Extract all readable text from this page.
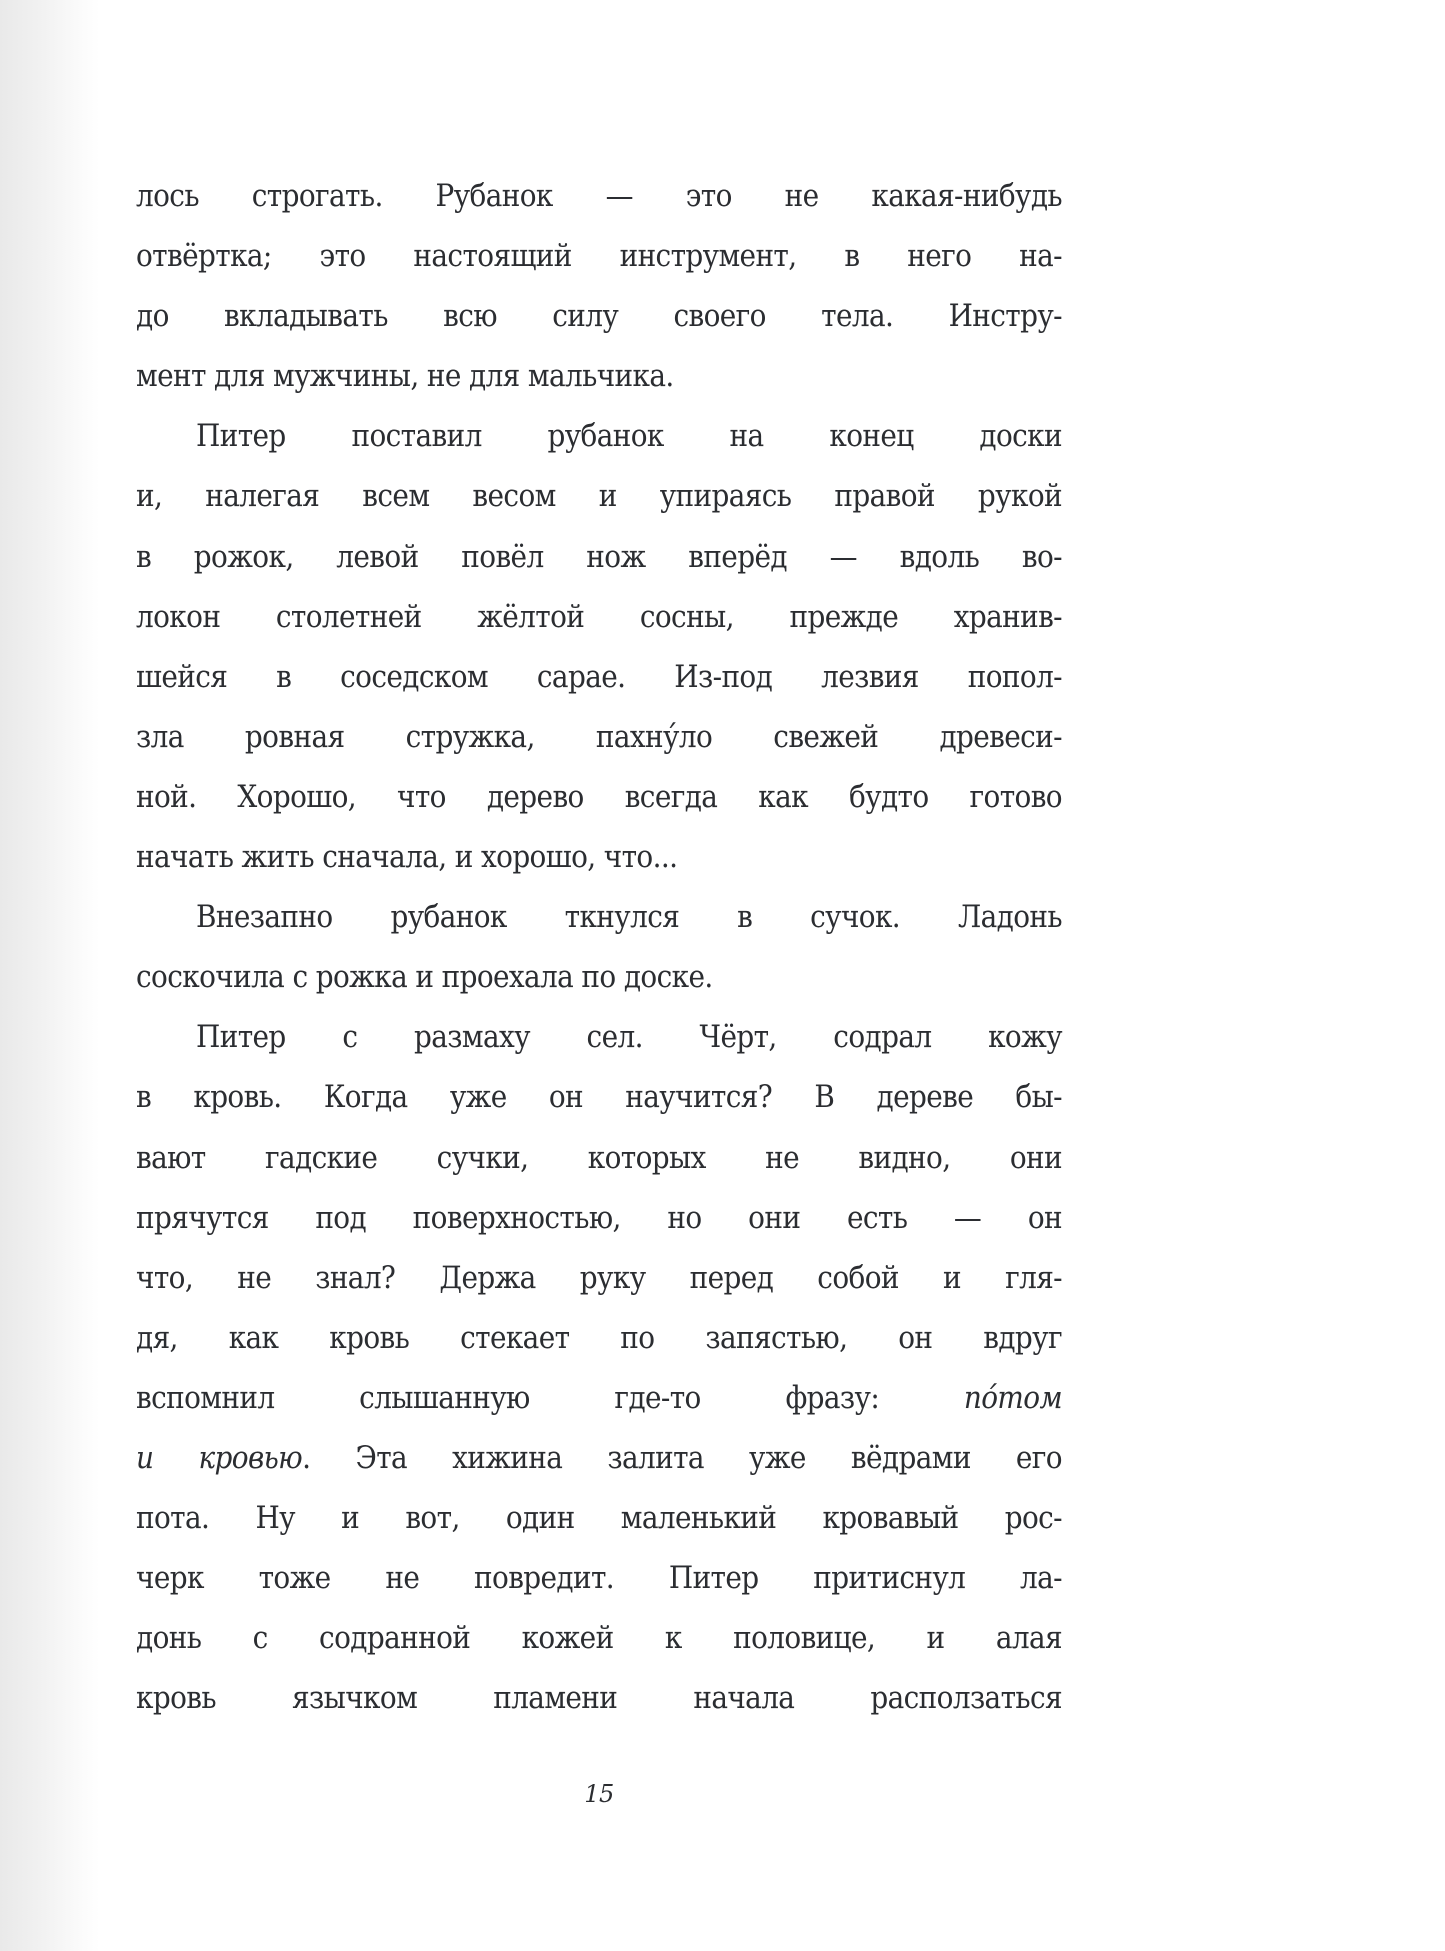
лось строгать. Рубанок — это не какая-нибудь
отвёртка; это настоящий инструмент, в него на-
до вкладывать всю силу своего тела. Инстру-
мент для мужчины, не для мальчика.
Питер поставил рубанок на конец доски
и, налегая всем весом и упираясь правой рукой
в рожок, левой повёл нож вперёд — вдоль во-
локон столетней жёлтой сосны, прежде хранив-
шейся в соседском сарае. Из-под лезвия попол-
зла ровная стружка, пахну́ло свежей древеси-
ной. Хорошо, что дерево всегда как будто готово
начать жить сначала, и хорошо, что...
Внезапно рубанок ткнулся в сучок. Ладонь
соскочила с рожка и проехала по доске.
Питер с размаху сел. Чёрт, содрал кожу
в кровь. Когда уже он научится? В дереве бы-
вают гадские сучки, которых не видно, они
прячутся под поверхностью, но они есть — он
что, не знал? Держа руку перед собой и гля-
дя, как кровь стекает по запястью, он вдруг
вспомнил слышанную где-то фразу: по́том
и кровью. Эта хижина залита уже вёдрами его
пота. Ну и вот, один маленький кровавый рос-
черк тоже не повредит. Питер притиснул ла-
донь с содранной кожей к половице, и алая
кровь язычком пламени начала расползаться
15
